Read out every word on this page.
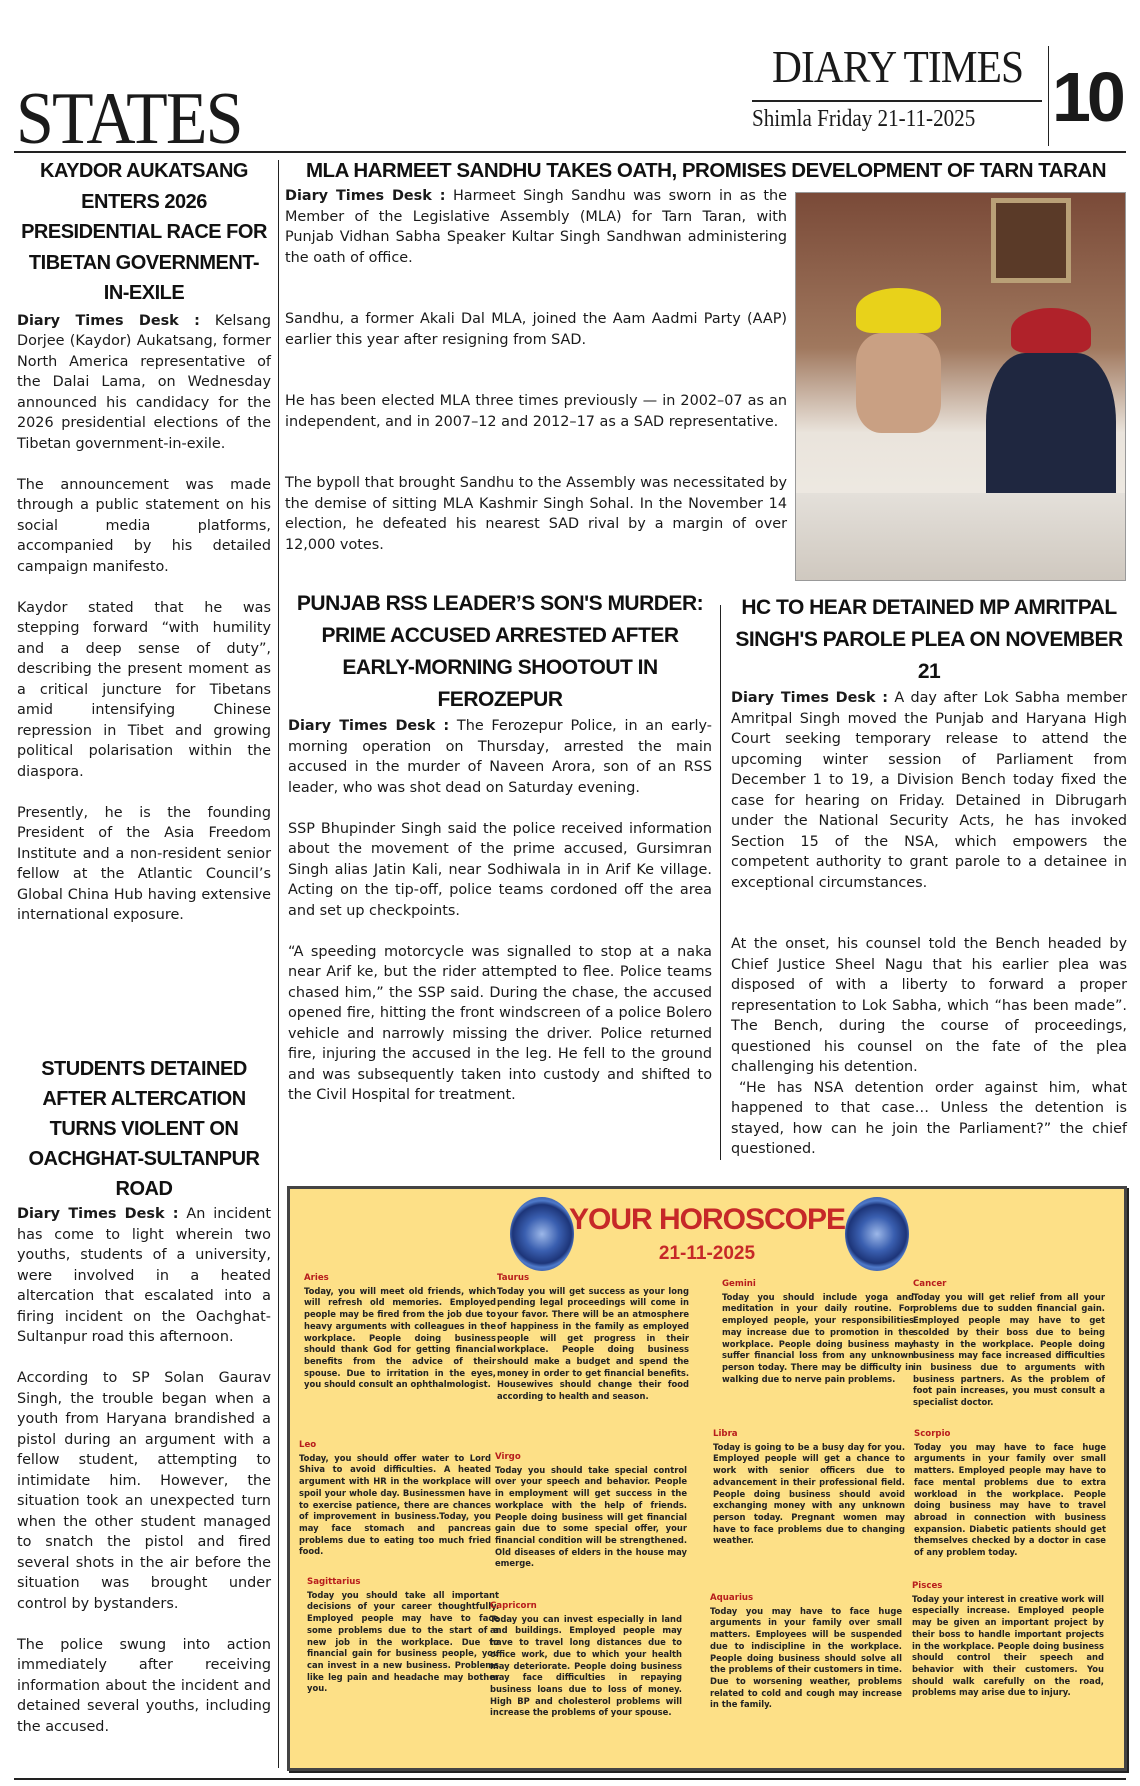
STATES
DIARY TIMES
Shimla Friday 21-11-2025 10
KAYDOR AUKATSANG ENTERS 2026 PRESIDENTIAL RACE FOR TIBETAN GOVERNMENT-IN-EXILE

Diary Times Desk : Kelsang Dorjee (Kaydor) Aukatsang, former North America representative of the Dalai Lama, on Wednesday announced his candidacy for the 2026 presidential elections of the Tibetan government-in-exile.

The announcement was made through a public statement on his social media platforms, accompanied by his detailed campaign manifesto.

Kaydor stated that he was stepping forward “with humility and a deep sense of duty”, describing the present moment as a critical juncture for Tibetans amid intensifying Chinese repression in Tibet and growing political polarisation within the diaspora.

Presently, he is the founding President of the Asia Freedom Institute and a non-resident senior fellow at the Atlantic Council’s Global China Hub having extensive international exposure.

STUDENTS DETAINED AFTER ALTERCATION TURNS VIOLENT ON OACHGHAT-SULTANPUR ROAD

Diary Times Desk : An incident has come to light wherein two youths, students of a university, were involved in a heated altercation that escalated into a firing incident on the Oachghat-Sultanpur road this afternoon.

According to SP Solan Gaurav Singh, the trouble began when a youth from Haryana brandished a pistol during an argument with a fellow student, attempting to intimidate him. However, the situation took an unexpected turn when the other student managed to snatch the pistol and fired several shots in the air before the situation was brought under control by bystanders.

The police swung into action immediately after receiving information about the incident and detained several youths, including the accused.

MLA HARMEET SANDHU TAKES OATH, PROMISES DEVELOPMENT OF TARN TARAN

Diary Times Desk : Harmeet Singh Sandhu was sworn in as the Member of the Legislative Assembly (MLA) for Tarn Taran, with Punjab Vidhan Sabha Speaker Kultar Singh Sandhwan administering the oath of office.

Sandhu, a former Akali Dal MLA, joined the Aam Aadmi Party (AAP) earlier this year after resigning from SAD.

He has been elected MLA three times previously — in 2002–07 as an independent, and in 2007–12 and 2012–17 as a SAD representative.

The bypoll that brought Sandhu to the Assembly was necessitated by the demise of sitting MLA Kashmir Singh Sohal. In the November 14 election, he defeated his nearest SAD rival by a margin of over 12,000 votes.

PUNJAB RSS LEADER’S SON'S MURDER: PRIME ACCUSED ARRESTED AFTER EARLY-MORNING SHOOTOUT IN FEROZEPUR

Diary Times Desk : The Ferozepur Police, in an early-morning operation on Thursday, arrested the main accused in the murder of Naveen Arora, son of an RSS leader, who was shot dead on Saturday evening.

SSP Bhupinder Singh said the police received information about the movement of the prime accused, Gursimran Singh alias Jatin Kali, near Sodhiwala in in Arif Ke village. Acting on the tip-off, police teams cordoned off the area and set up checkpoints.

“A speeding motorcycle was signalled to stop at a naka near Arif ke, but the rider attempted to flee. Police teams chased him,” the SSP said. During the chase, the accused opened fire, hitting the front windscreen of a police Bolero vehicle and narrowly missing the driver. Police returned fire, injuring the accused in the leg. He fell to the ground and was subsequently taken into custody and shifted to the Civil Hospital for treatment.

HC TO HEAR DETAINED MP AMRITPAL SINGH'S PAROLE PLEA ON NOVEMBER 21

Diary Times Desk : A day after Lok Sabha member Amritpal Singh moved the Punjab and Haryana High Court seeking temporary release to attend the upcoming winter session of Parliament from December 1 to 19, a Division Bench today fixed the case for hearing on Friday. Detained in Dibrugarh under the National Security Acts, he has invoked Section 15 of the NSA, which empowers the competent authority to grant parole to a detainee in exceptional circumstances.

At the onset, his counsel told the Bench headed by Chief Justice Sheel Nagu that his earlier plea was disposed of with a liberty to forward a proper representation to Lok Sabha, which “has been made”. The Bench, during the course of proceedings, questioned his counsel on the fate of the plea challenging his detention.

“He has NSA detention order against him, what happened to that case… Unless the detention is stayed, how can he join the Parliament?” the chief questioned.

YOUR HOROSCOPE
21-11-2025
Aries
Today, you will meet old friends, which will refresh old memories. Employed people may be fired from the job due to heavy arguments with colleagues in the workplace. People doing business should thank God for getting financial benefits from the advice of their spouse. Due to irritation in the eyes, you should consult an ophthalmologist.
Taurus
Today you will get success as your long pending legal proceedings will come in your favor. There will be an atmosphere of happiness in the family as employed people will get progress in their workplace. People doing business should make a budget and spend the money in order to get financial benefits. Housewives should change their food according to health and season.
Gemini
Today you should include yoga and meditation in your daily routine. For employed people, your responsibilities may increase due to promotion in the workplace. People doing business may suffer financial loss from any unknown person today. There may be difficulty in walking due to nerve pain problems.
Cancer
Today you will get relief from all your problems due to sudden financial gain. Employed people may have to get scolded by their boss due to being hasty in the workplace. People doing business may face increased difficulties in business due to arguments with business partners. As the problem of foot pain increases, you must consult a specialist doctor.
Leo
Today, you should offer water to Lord Shiva to avoid difficulties. A heated argument with HR in the workplace will spoil your whole day. Businessmen have to exercise patience, there are chances of improvement in business.Today, you may face stomach and pancreas problems due to eating too much fried food.
Virgo
Today you should take special control over your speech and behavior. People in employment will get success in the workplace with the help of friends. People doing business will get financial gain due to some special offer, your financial condition will be strengthened. Old diseases of elders in the house may emerge.
Libra
Today is going to be a busy day for you. Employed people will get a chance to work with senior officers due to advancement in their professional field. People doing business should avoid exchanging money with any unknown person today. Pregnant women may have to face problems due to changing weather.
Scorpio
Today you may have to face huge arguments in your family over small matters. Employed people may have to face mental problems due to extra workload in the workplace. People doing business may have to travel abroad in connection with business expansion. Diabetic patients should get themselves checked by a doctor in case of any problem today.
Sagittarius
Today you should take all important decisions of your career thoughtfully. Employed people may have to face some problems due to the start of a new job in the workplace. Due to financial gain for business people, you can invest in a new business. Problems like leg pain and headache may bother you.
Capricorn
Today you can invest especially in land and buildings. Employed people may have to travel long distances due to office work, due to which your health may deteriorate. People doing business may face difficulties in repaying business loans due to loss of money. High BP and cholesterol problems will increase the problems of your spouse.
Aquarius
Today you may have to face huge arguments in your family over small matters. Employees will be suspended due to indiscipline in the workplace. People doing business should solve all the problems of their customers in time. Due to worsening weather, problems related to cold and cough may increase in the family.
Pisces
Today your interest in creative work will especially increase. Employed people may be given an important project by their boss to handle important projects in the workplace. People doing business should control their speech and behavior with their customers. You should walk carefully on the road, problems may arise due to injury.
